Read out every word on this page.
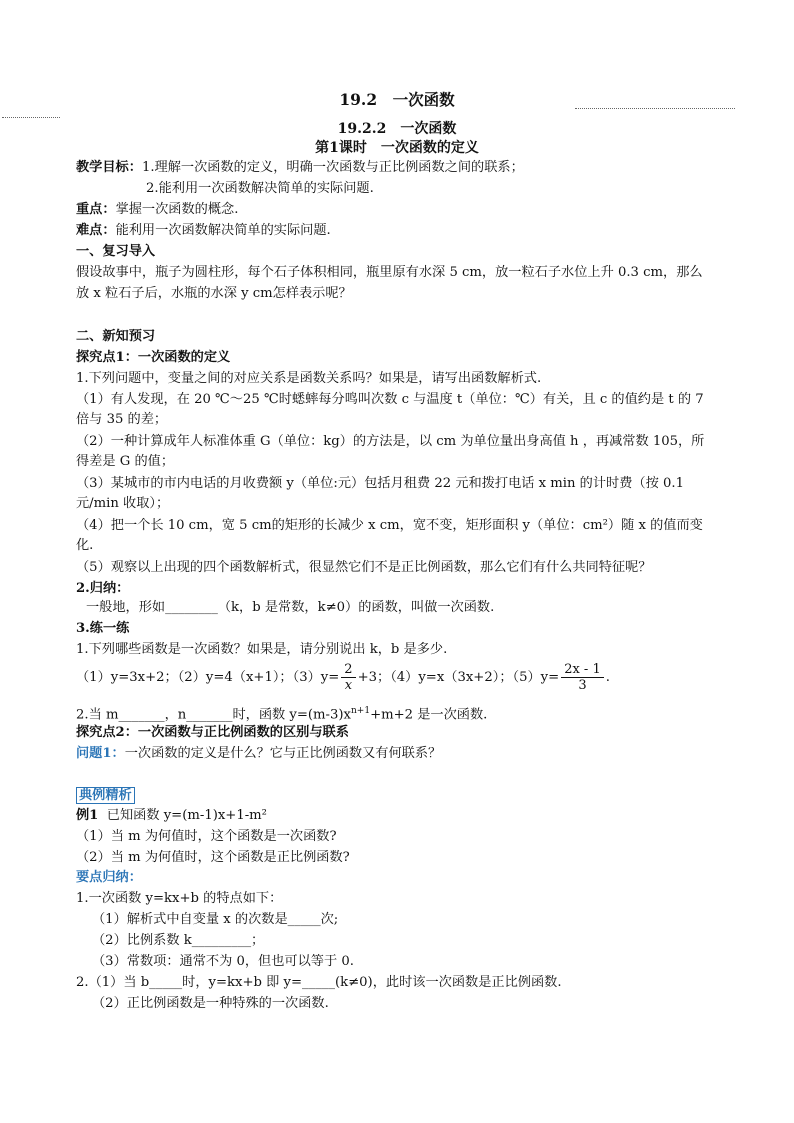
19.2　一次函数
19.2.2　一次函数
第1课时　一次函数的定义
教学目标：1.理解一次函数的定义，明确一次函数与正比例函数之间的联系；
2.能利用一次函数解决简单的实际问题.
重点：掌握一次函数的概念.
难点：能利用一次函数解决简单的实际问题.
一、复习导入
假设故事中，瓶子为圆柱形，每个石子体积相同，瓶里原有水深 5 cm，放一粒石子水位上升 0.3 cm，那么
放 x 粒石子后，水瓶的水深 y cm怎样表示呢？
二、新知预习
探究点1：一次函数的定义
1.下列问题中，变量之间的对应关系是函数关系吗？如果是，请写出函数解析式.
（1）有人发现，在 20 ℃～25 ℃时蟋蟀每分鸣叫次数 c 与温度 t（单位：℃）有关，且 c 的值约是 t 的 7
倍与 35 的差；
（2）一种计算成年人标准体重 G（单位：kg）的方法是，以 cm 为单位量出身高值 h ，再减常数 105，所
得差是 G 的值；
（3）某城市的市内电话的月收费额 y（单位:元）包括月租费 22 元和拨打电话 x min 的计时费（按 0.1
元/min 收取）；
（4）把一个长 10 cm，宽 5 cm的矩形的长减少 x cm，宽不变，矩形面积 y（单位：cm²）随 x 的值而变
化.
（5）观察以上出现的四个函数解析式，很显然它们不是正比例函数，那么它们有什么共同特征呢？
2.归纳：
一般地，形如________（k，b 是常数，k≠0）的函数，叫做一次函数.
3.练一练
1.下列哪些函数是一次函数？如果是，请分别说出 k，b 是多少.
（1）y=3x+2；（2）y=4（x+1）；$(3)y= \frac{2}{x} +3$；（4）y=x（3x+2）；$(5)y= \frac{2x - 1}{3}$ .
2.当 m_______，n_______时，函数 $y=(m-3)x^{n+1}+m+2$ 是一次函数.
探究点2：一次函数与正比例函数的区别与联系
问题1：一次函数的定义是什么？它与正比例函数又有何联系？
典例精析
例1 已知函数 y=(m-1)x+1-m²
（1）当 m 为何值时，这个函数是一次函数?
（2）当 m 为何值时，这个函数是正比例函数?
要点归纳：
1.一次函数 y=kx+b 的特点如下：
（1）解析式中自变量 x 的次数是_____次;
（2）比例系数 k_________；
（3）常数项：通常不为 0，但也可以等于 0.
2.（1）当 b_____时，y=kx+b 即 y=_____(k≠0)，此时该一次函数是正比例函数.
（2）正比例函数是一种特殊的一次函数.
